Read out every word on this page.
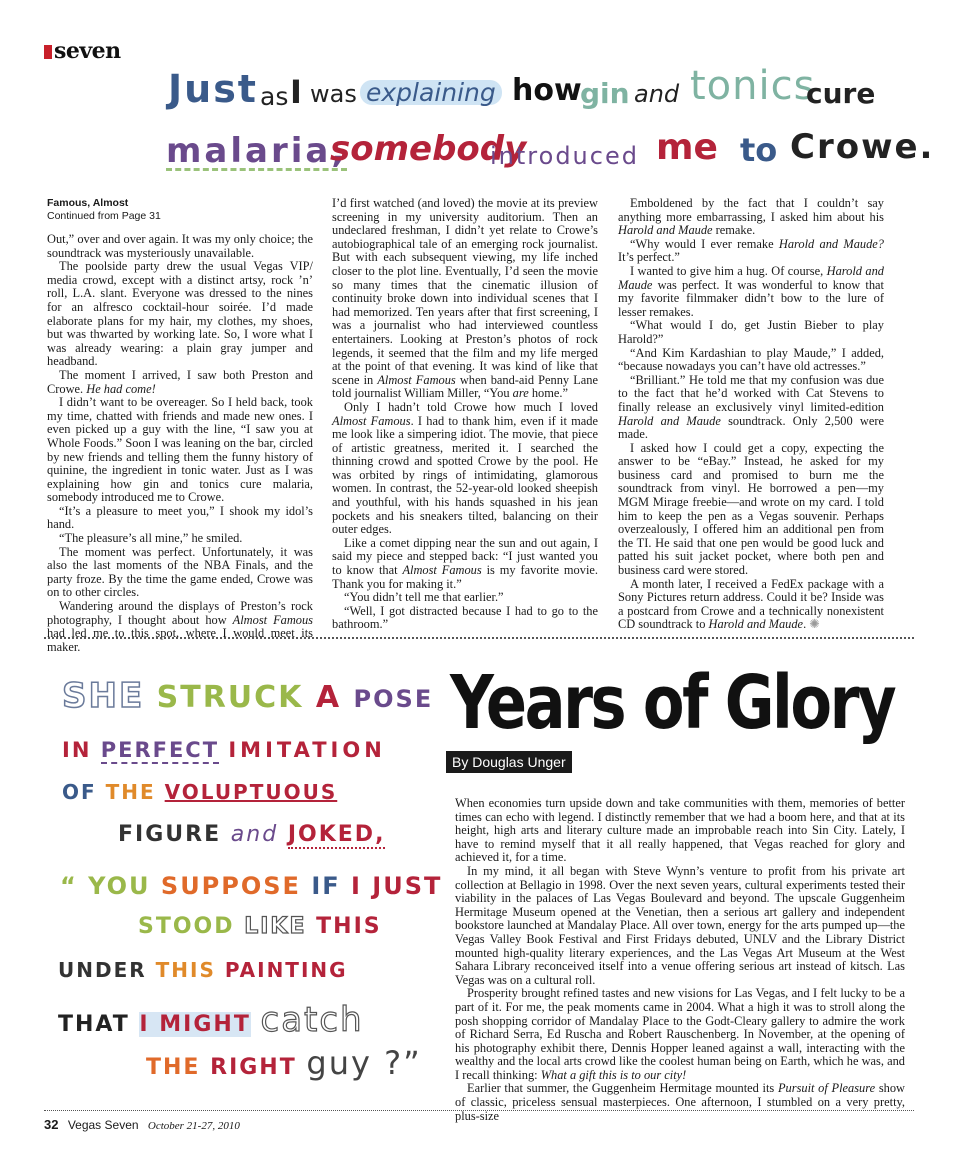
seven
Just as I was explaining how
gin and tonics
cure
malaria,
somebody
introduced me to Crowe.
Famous, Almost
Continued from Page 31

Out,” over and over again. It was my only choice; the soundtrack was mysteriously unavailable.

The poolside party drew the usual Vegas VIP/ media crowd, except with a distinct artsy, rock ’n’ roll, L.A. slant. Everyone was dressed to the nines for an alfresco cocktail-hour soirée. I’d made elaborate plans for my hair, my clothes, my shoes, but was thwarted by working late. So, I wore what I was already wearing: a plain gray jumper and headband.

The moment I arrived, I saw both Preston and Crowe. He had come!

I didn’t want to be overeager. So I held back, took my time, chatted with friends and made new ones. I even picked up a guy with the line, “I saw you at Whole Foods.” Soon I was leaning on the bar, circled by new friends and telling them the funny history of quinine, the ingredient in tonic water. Just as I was explaining how gin and tonics cure malaria, somebody introduced me to Crowe.

“It’s a pleasure to meet you,” I shook my idol’s hand.

“The pleasure’s all mine,” he smiled.

The moment was perfect. Unfortunately, it was also the last moments of the NBA Finals, and the party froze. By the time the game ended, Crowe was on to other circles.

Wandering around the displays of Preston’s rock photography, I thought about how Almost Famous had led me to this spot, where I would meet its maker.

I’d first watched (and loved) the movie at its preview screening in my university auditorium. Then an undeclared freshman, I didn’t yet relate to Crowe’s autobiographical tale of an emerging rock journalist. But with each subsequent viewing, my life inched closer to the plot line. Eventually, I’d seen the movie so many times that the cinematic illusion of continuity broke down into individual scenes that I had memorized. Ten years after that first screening, I was a journalist who had interviewed countless entertainers. Looking at Preston’s photos of rock legends, it seemed that the film and my life merged at the point of that evening. It was kind of like that scene in Almost Famous when band-aid Penny Lane told journalist William Miller, “You are home.”

Only I hadn’t told Crowe how much I loved Almost Famous. I had to thank him, even if it made me look like a simpering idiot. The movie, that piece of artistic greatness, merited it. I searched the thinning crowd and spotted Crowe by the pool. He was orbited by rings of intimidating, glamorous women. In contrast, the 52-year-old looked sheepish and youthful, with his hands squashed in his jean pockets and his sneakers tilted, balancing on their outer edges.

Like a comet dipping near the sun and out again, I said my piece and stepped back: “I just wanted you to know that Almost Famous is my favorite movie. Thank you for making it.”

“You didn’t tell me that earlier.”

“Well, I got distracted because I had to go to the bathroom.”

Emboldened by the fact that I couldn’t say anything more embarrassing, I asked him about his Harold and Maude remake.

“Why would I ever remake Harold and Maude? It’s perfect.”

I wanted to give him a hug. Of course, Harold and Maude was perfect. It was wonderful to know that my favorite filmmaker didn’t bow to the lure of lesser remakes.

“What would I do, get Justin Bieber to play Harold?”

“And Kim Kardashian to play Maude,” I added, “because nowadays you can’t have old actresses.”

“Brilliant.” He told me that my confusion was due to the fact that he’d worked with Cat Stevens to finally release an exclusively vinyl limited-edition Harold and Maude soundtrack. Only 2,500 were made.

I asked how I could get a copy, expecting the answer to be “eBay.” Instead, he asked for my business card and promised to burn me the soundtrack from vinyl. He borrowed a pen—my MGM Mirage freebie—and wrote on my card. I told him to keep the pen as a Vegas souvenir. Perhaps overzealously, I offered him an additional pen from the TI. He said that one pen would be good luck and patted his suit jacket pocket, where both pen and business card were stored.

A month later, I received a FedEx package with a Sony Pictures return address. Could it be? Inside was a postcard from Crowe and a technically nonexistent CD soundtrack to Harold and Maude. ✺

SHE STRUCK A POSE
IN PERFECT IMITATION
OF THE VOLUPTUOUS
FIGURE and JOKED,
“ YOU SUPPOSE IF I JUST
STOOD LIKE THIS
UNDER THIS PAINTING
THAT I MIGHT catch
THE RIGHT guy ?”
Years of Glory
By Douglas Unger

When economies turn upside down and take communities with them, memories of better times can echo with legend. I distinctly remember that we had a boom here, and that at its height, high arts and literary culture made an improbable reach into Sin City. Lately, I have to remind myself that it all really happened, that Vegas reached for glory and achieved it, for a time.

In my mind, it all began with Steve Wynn’s venture to profit from his private art collection at Bellagio in 1998. Over the next seven years, cultural experiments tested their viability in the palaces of Las Vegas Boulevard and beyond. The upscale Guggenheim Hermitage Museum opened at the Venetian, then a serious art gallery and independent bookstore launched at Mandalay Place. All over town, energy for the arts pumped up—the Vegas Valley Book Festival and First Fridays debuted, UNLV and the Library District mounted high-quality literary experiences, and the Las Vegas Art Museum at the West Sahara Library reconceived itself into a venue offering serious art instead of kitsch. Las Vegas was on a cultural roll.

Prosperity brought refined tastes and new visions for Las Vegas, and I felt lucky to be a part of it. For me, the peak moments came in 2004. What a high it was to stroll along the posh shopping corridor of Mandalay Place to the Godt-Cleary gallery to admire the work of Richard Serra, Ed Ruscha and Robert Rauschenberg. In November, at the opening of his photography exhibit there, Dennis Hopper leaned against a wall, interacting with the wealthy and the local arts crowd like the coolest human being on Earth, which he was, and I recall thinking: What a gift this is to our city!

Earlier that summer, the Guggenheim Hermitage mounted its Pursuit of Pleasure show of classic, priceless sensual masterpieces. One afternoon, I stumbled on a very pretty, plus-size

32 Vegas Seven October 21-27, 2010
